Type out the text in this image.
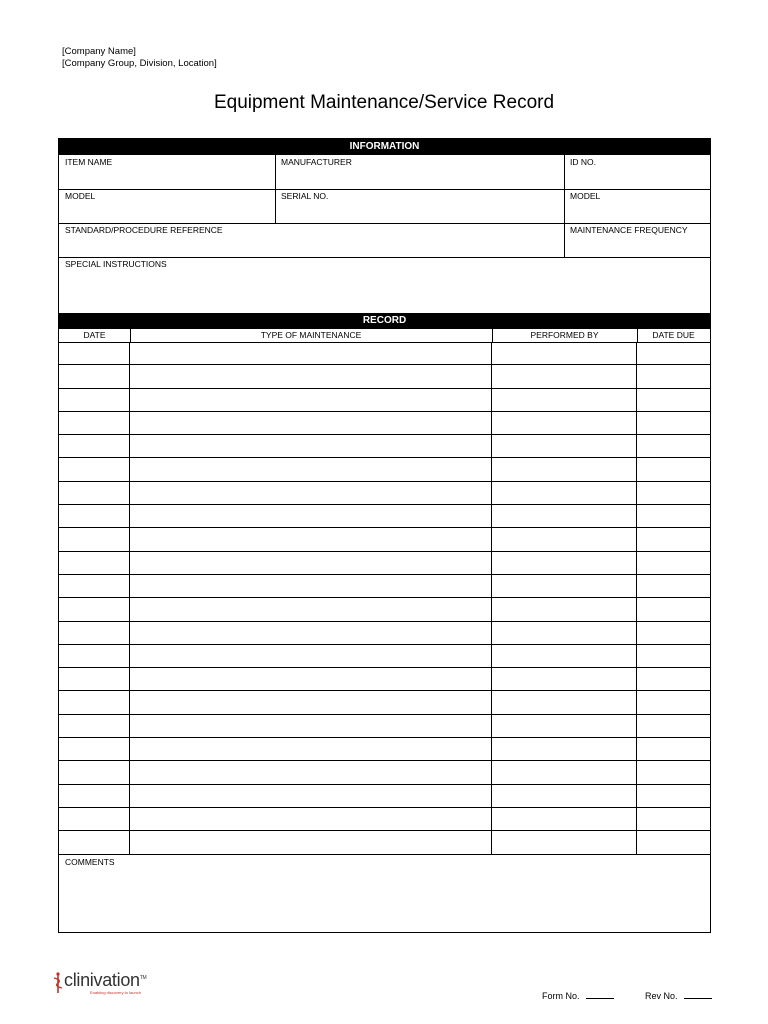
[Company Name]
[Company Group, Division, Location]
Equipment Maintenance/Service Record
INFORMATION
ITEM NAME	MANUFACTURER	ID NO.
MODEL	SERIAL NO.	MODEL
STANDARD/PROCEDURE REFERENCE	MAINTENANCE FREQUENCY
SPECIAL INSTRUCTIONS
RECORD
DATE	TYPE OF MAINTENANCE	PERFORMED BY	DATE DUE
COMMENTS
clinivation™
Enabling discovery to launch	Form No.	Rev No.
